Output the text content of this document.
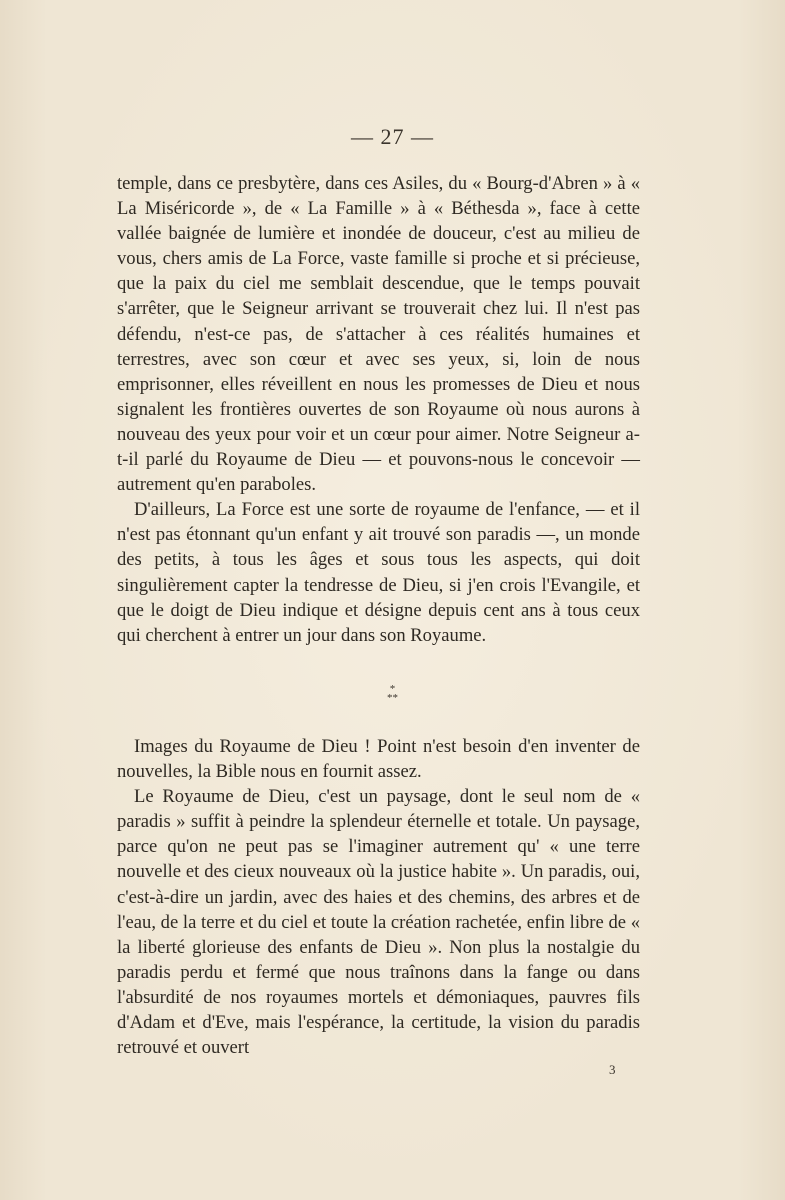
— 27 —

temple, dans ce presbytère, dans ces Asiles, du « Bourg-d'Abren » à « La Miséricorde », de « La Famille » à « Béthesda », face à cette vallée baignée de lumière et inondée de douceur, c'est au milieu de vous, chers amis de La Force, vaste famille si proche et si précieuse, que la paix du ciel me semblait descendue, que le temps pouvait s'arrêter, que le Seigneur arrivant se trouverait chez lui. Il n'est pas défendu, n'est-ce pas, de s'attacher à ces réalités humaines et terrestres, avec son cœur et avec ses yeux, si, loin de nous emprisonner, elles réveillent en nous les promesses de Dieu et nous signalent les frontières ouvertes de son Royaume où nous aurons à nouveau des yeux pour voir et un cœur pour aimer. Notre Seigneur a-t-il parlé du Royaume de Dieu — et pouvons-nous le concevoir — autrement qu'en paraboles.

D'ailleurs, La Force est une sorte de royaume de l'enfance, — et il n'est pas étonnant qu'un enfant y ait trouvé son paradis —, un monde des petits, à tous les âges et sous tous les aspects, qui doit singulièrement capter la tendresse de Dieu, si j'en crois l'Evangile, et que le doigt de Dieu indique et désigne depuis cent ans à tous ceux qui cherchent à entrer un jour dans son Royaume.

*
**

Images du Royaume de Dieu ! Point n'est besoin d'en inventer de nouvelles, la Bible nous en fournit assez.

Le Royaume de Dieu, c'est un paysage, dont le seul nom de « paradis » suffit à peindre la splendeur éternelle et totale. Un paysage, parce qu'on ne peut pas se l'imaginer autrement qu' « une terre nouvelle et des cieux nouveaux où la justice habite ». Un paradis, oui, c'est-à-dire un jardin, avec des haies et des chemins, des arbres et de l'eau, de la terre et du ciel et toute la création rachetée, enfin libre de « la liberté glorieuse des enfants de Dieu ». Non plus la nostalgie du paradis perdu et fermé que nous traînons dans la fange ou dans l'absurdité de nos royaumes mortels et démoniaques, pauvres fils d'Adam et d'Eve, mais l'espérance, la certitude, la vision du paradis retrouvé et ouvert

3
